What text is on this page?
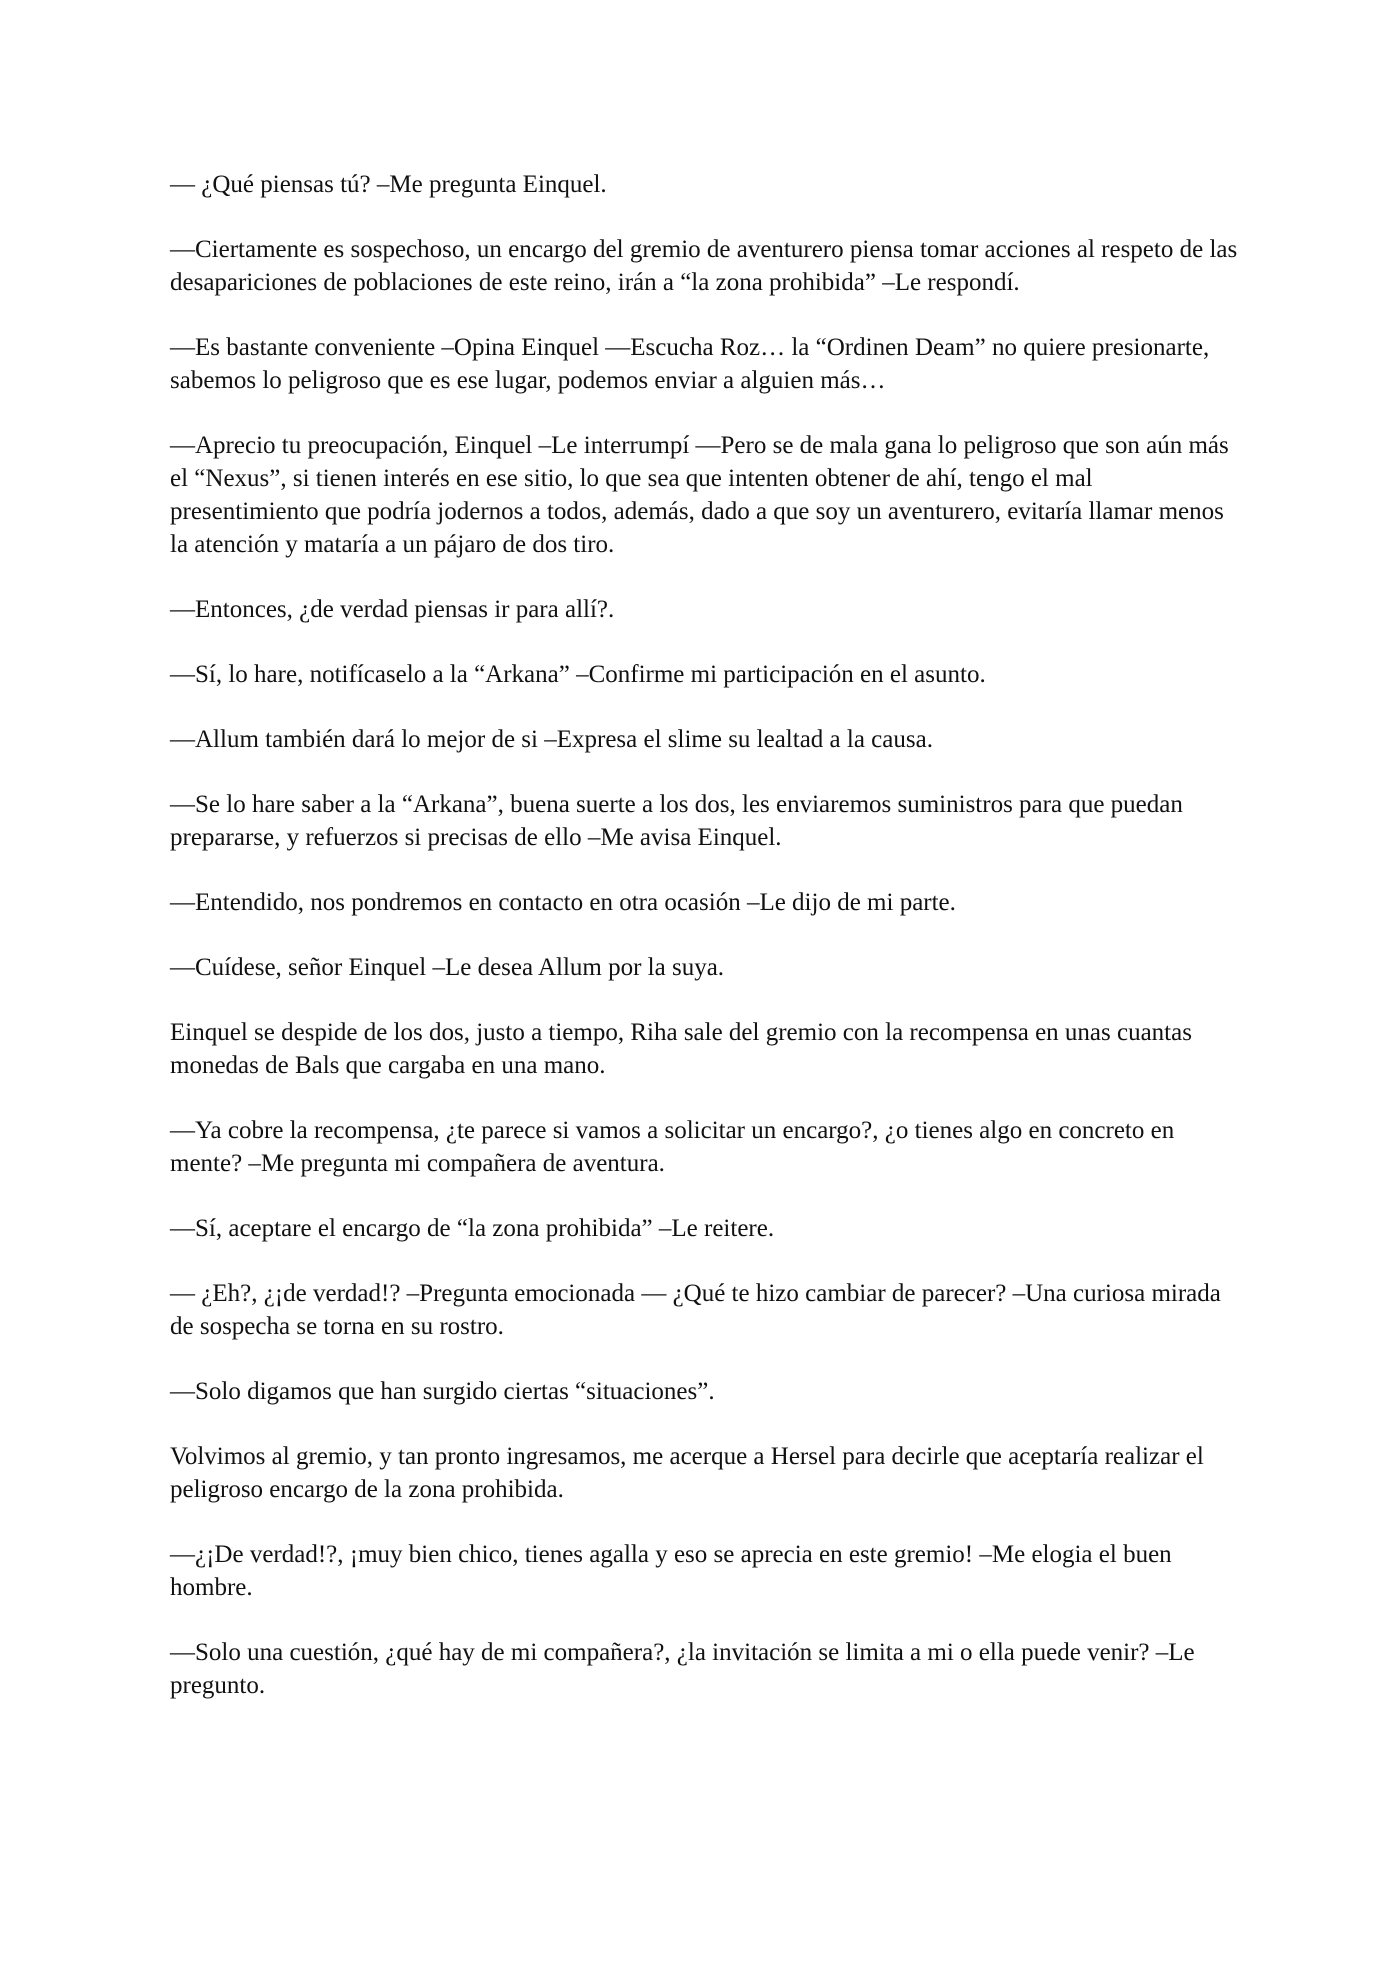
— ¿Qué piensas tú? –Me pregunta Einquel.

—Ciertamente es sospechoso, un encargo del gremio de aventurero piensa tomar acciones al respeto de las desapariciones de poblaciones de este reino, irán a “la zona prohibida” –Le respondí.

—Es bastante conveniente –Opina Einquel —Escucha Roz… la “Ordinen Deam” no quiere presionarte, sabemos lo peligroso que es ese lugar, podemos enviar a alguien más…

—Aprecio tu preocupación, Einquel –Le interrumpí —Pero se de mala gana lo peligroso que son aún más el “Nexus”, si tienen interés en ese sitio, lo que sea que intenten obtener de ahí, tengo el mal presentimiento que podría jodernos a todos, además, dado a que soy un aventurero, evitaría llamar menos la atención y mataría a un pájaro de dos tiro.

—Entonces, ¿de verdad piensas ir para allí?.

—Sí, lo hare, notifícaselo a la “Arkana” –Confirme mi participación en el asunto.

—Allum también dará lo mejor de si –Expresa el slime su lealtad a la causa.

—Se lo hare saber a la “Arkana”, buena suerte a los dos, les enviaremos suministros para que puedan prepararse, y refuerzos si precisas de ello –Me avisa Einquel.

—Entendido, nos pondremos en contacto en otra ocasión –Le dijo de mi parte.

—Cuídese, señor Einquel –Le desea Allum por la suya.

Einquel se despide de los dos, justo a tiempo, Riha sale del gremio con la recompensa en unas cuantas monedas de Bals que cargaba en una mano.

—Ya cobre la recompensa, ¿te parece si vamos a solicitar un encargo?, ¿o tienes algo en concreto en mente? –Me pregunta mi compañera de aventura.

—Sí, aceptare el encargo de “la zona prohibida” –Le reitere.

— ¿Eh?, ¿¡de verdad!? –Pregunta emocionada — ¿Qué te hizo cambiar de parecer? –Una curiosa mirada de sospecha se torna en su rostro.

—Solo digamos que han surgido ciertas “situaciones”.

Volvimos al gremio, y tan pronto ingresamos, me acerque a Hersel para decirle que aceptaría realizar el peligroso encargo de la zona prohibida.

—¿¡De verdad!?, ¡muy bien chico, tienes agalla y eso se aprecia en este gremio! –Me elogia el buen hombre.

—Solo una cuestión, ¿qué hay de mi compañera?, ¿la invitación se limita a mi o ella puede venir? –Le pregunto.
